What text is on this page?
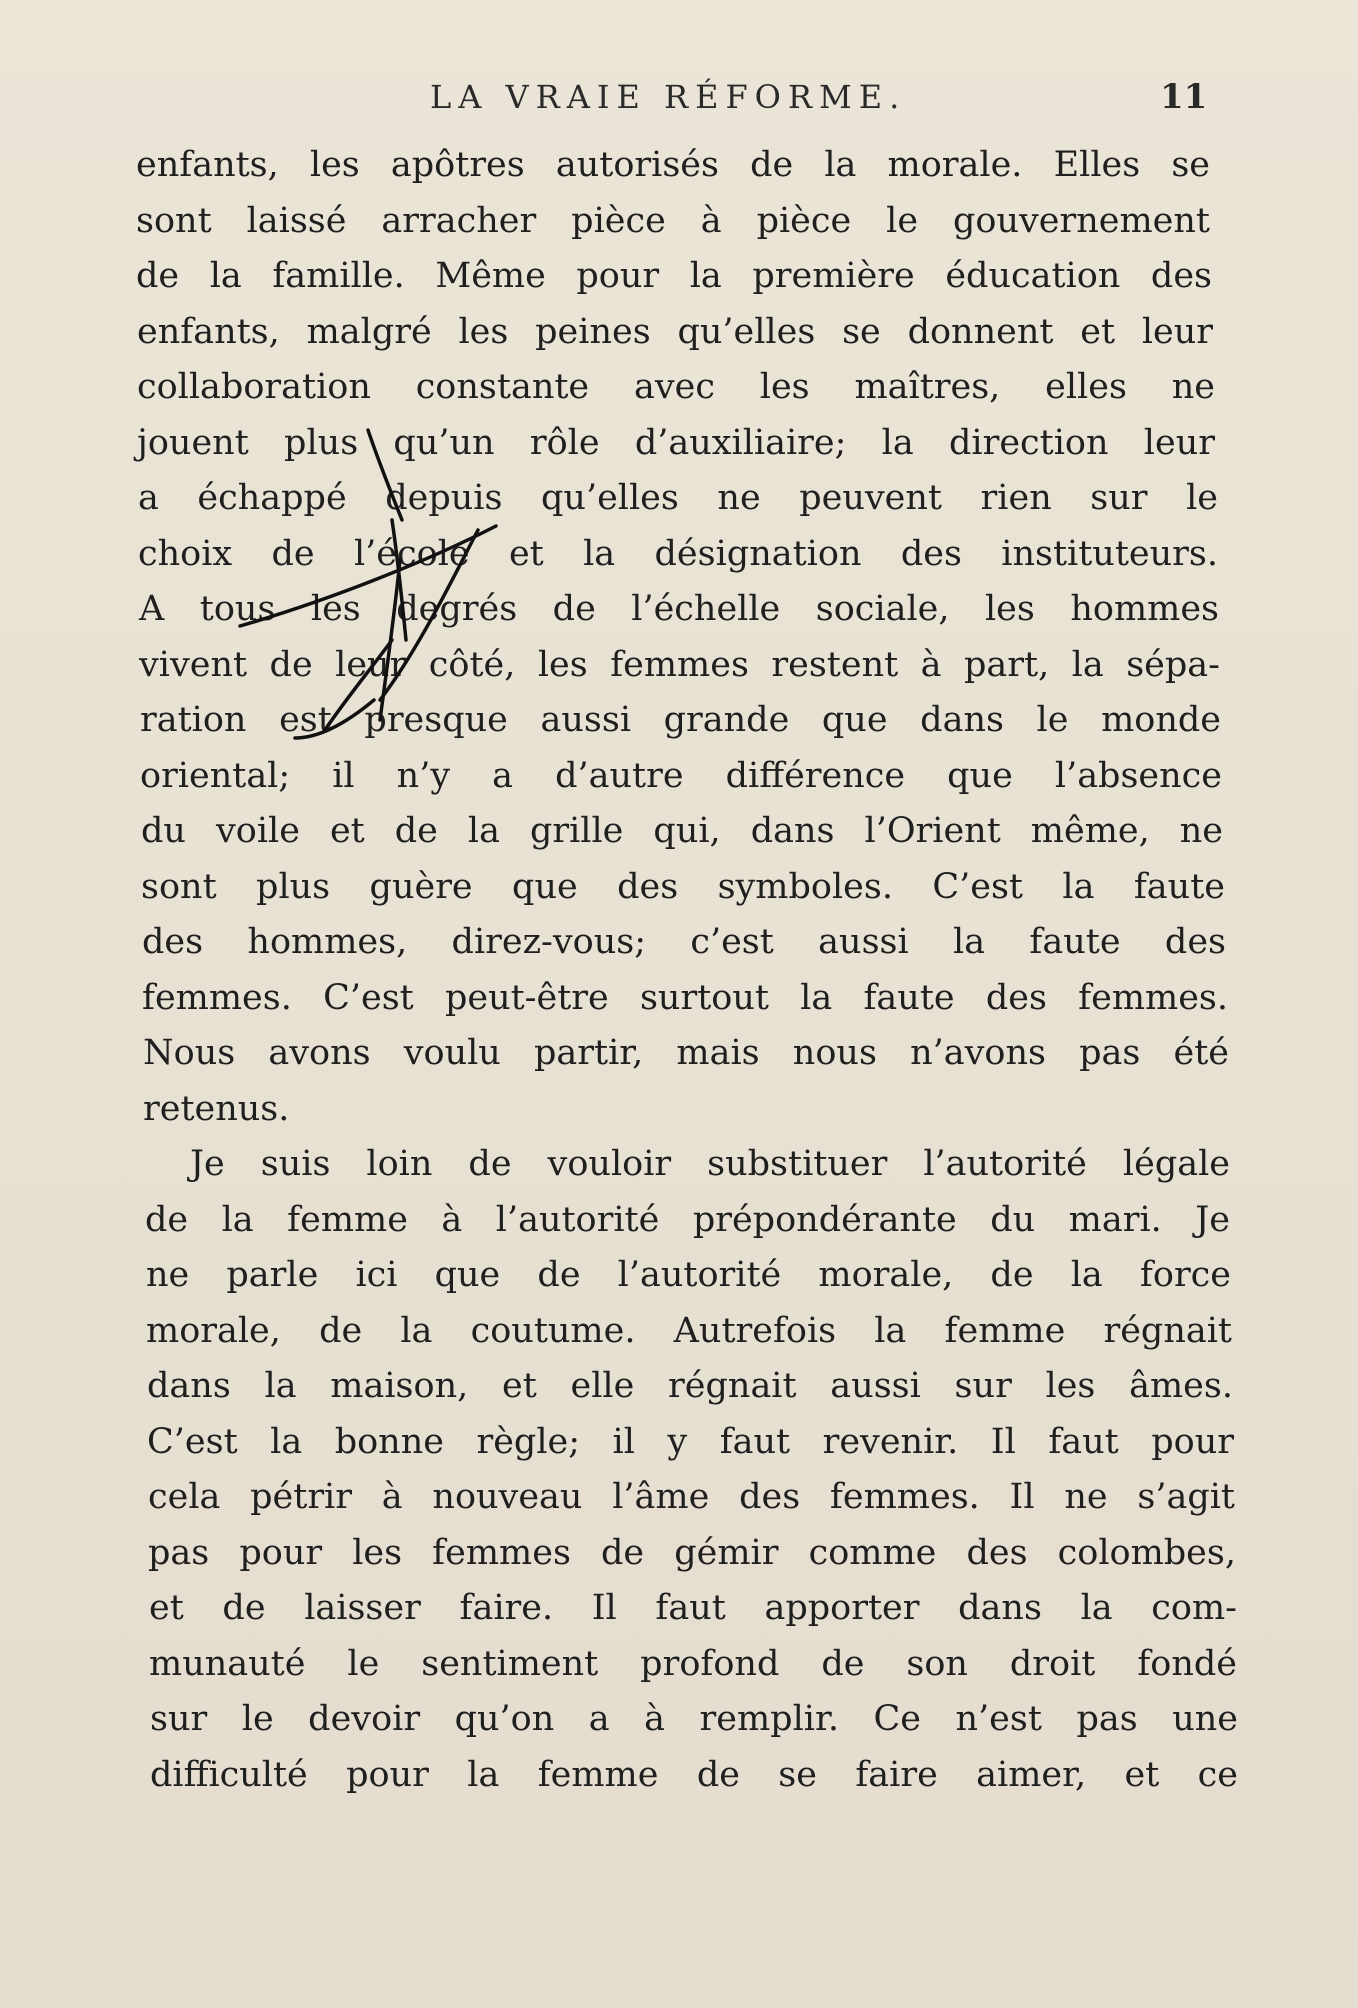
LA VRAIE RÉFORME.	11
enfants, les apôtres autorisés de la morale. Elles se
sont laissé arracher pièce à pièce le gouvernement
de la famille. Même pour la première éducation des
enfants, malgré les peines qu’elles se donnent et leur
collaboration constante avec les maîtres, elles ne
jouent plus qu’un rôle d’auxiliaire; la direction leur
a échappé depuis qu’elles ne peuvent rien sur le
choix de l’école et la désignation des instituteurs.
A tous les degrés de l’échelle sociale, les hommes
vivent de leur côté, les femmes restent à part, la sépa-
ration est presque aussi grande que dans le monde
oriental; il n’y a d’autre différence que l’absence
du voile et de la grille qui, dans l’Orient même, ne
sont plus guère que des symboles. C’est la faute
des hommes, direz-vous; c’est aussi la faute des
femmes. C’est peut-être surtout la faute des femmes.
Nous avons voulu partir, mais nous n’avons pas été
retenus.
Je suis loin de vouloir substituer l’autorité légale
de la femme à l’autorité prépondérante du mari. Je
ne parle ici que de l’autorité morale, de la force
morale, de la coutume. Autrefois la femme régnait
dans la maison, et elle régnait aussi sur les âmes.
C’est la bonne règle; il y faut revenir. Il faut pour
cela pétrir à nouveau l’âme des femmes. Il ne s’agit
pas pour les femmes de gémir comme des colombes,
et de laisser faire. Il faut apporter dans la com-
munauté le sentiment profond de son droit fondé
sur le devoir qu’on a à remplir. Ce n’est pas une
difficulté pour la femme de se faire aimer, et ce
